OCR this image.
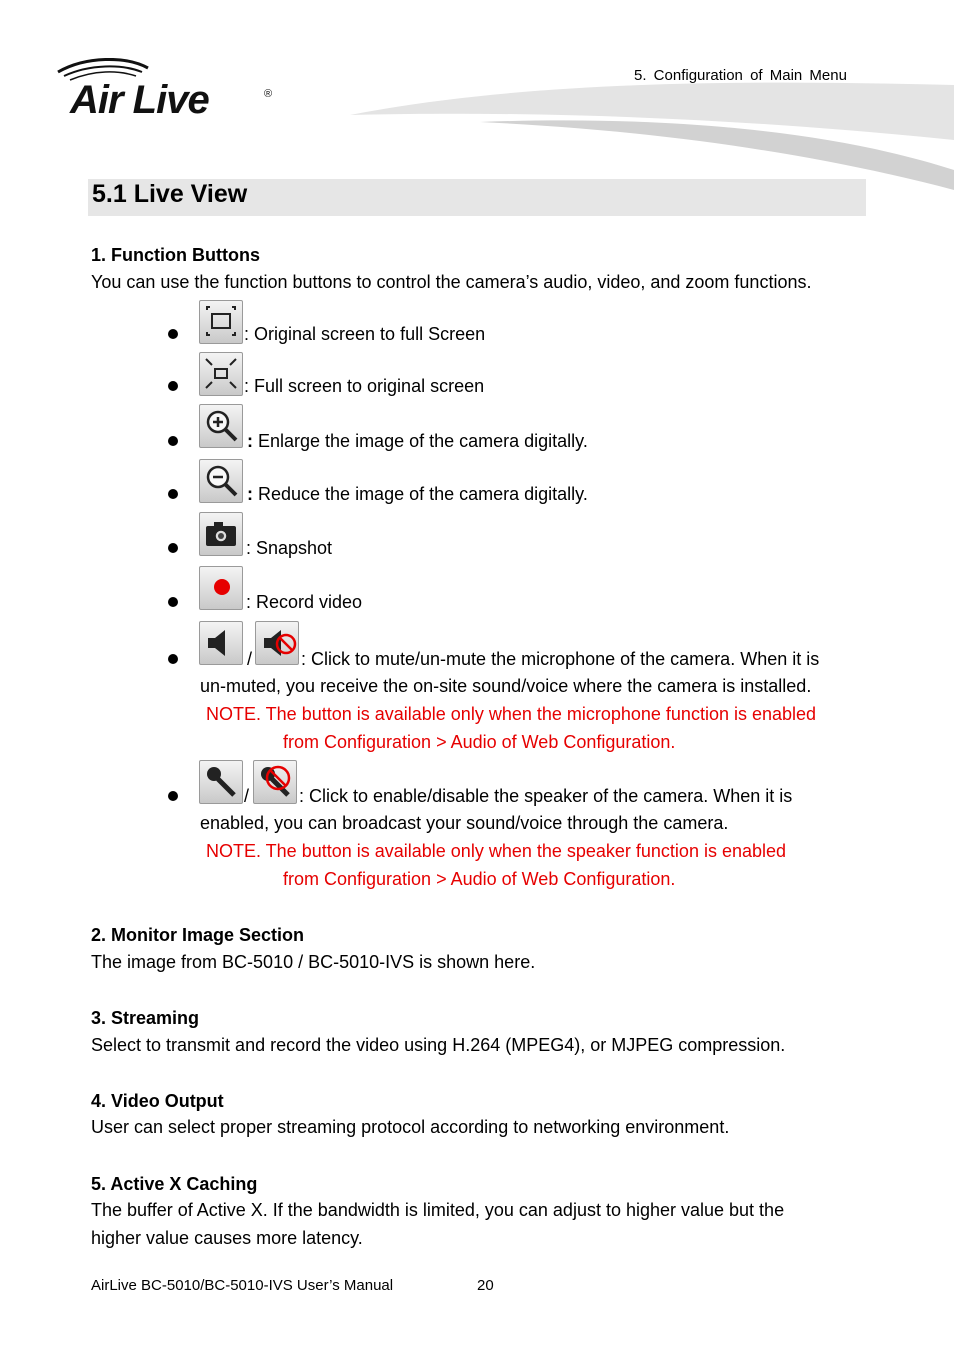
Air Live	®
5. Configuration of Main Menu
5.1 Live View
1. Function Buttons
You can use the function buttons to control the camera’s audio, video, and zoom functions.
: Original screen to full Screen
: Full screen to original screen
: Enlarge the image of the camera digitally.
: Reduce the image of the camera digitally.
: Snapshot
: Record video
/	: Click to mute/un-mute the microphone of the camera. When it is
un-muted, you receive the on-site sound/voice where the camera is installed.
NOTE. The button is available only when the microphone function is enabled
from Configuration > Audio of Web Configuration.
/	: Click to enable/disable the speaker of the camera. When it is
enabled, you can broadcast your sound/voice through the camera.
NOTE. The button is available only when the speaker function is enabled
from Configuration > Audio of Web Configuration.
2. Monitor Image Section
The image from BC-5010 / BC-5010-IVS is shown here.
3. Streaming
Select to transmit and record the video using H.264 (MPEG4), or MJPEG compression.
4. Video Output
User can select proper streaming protocol according to networking environment.
5. Active X Caching
The buffer of Active X. If the bandwidth is limited, you can adjust to higher value but the
higher value causes more latency.
AirLive BC-5010/BC-5010-IVS User’s Manual	20
